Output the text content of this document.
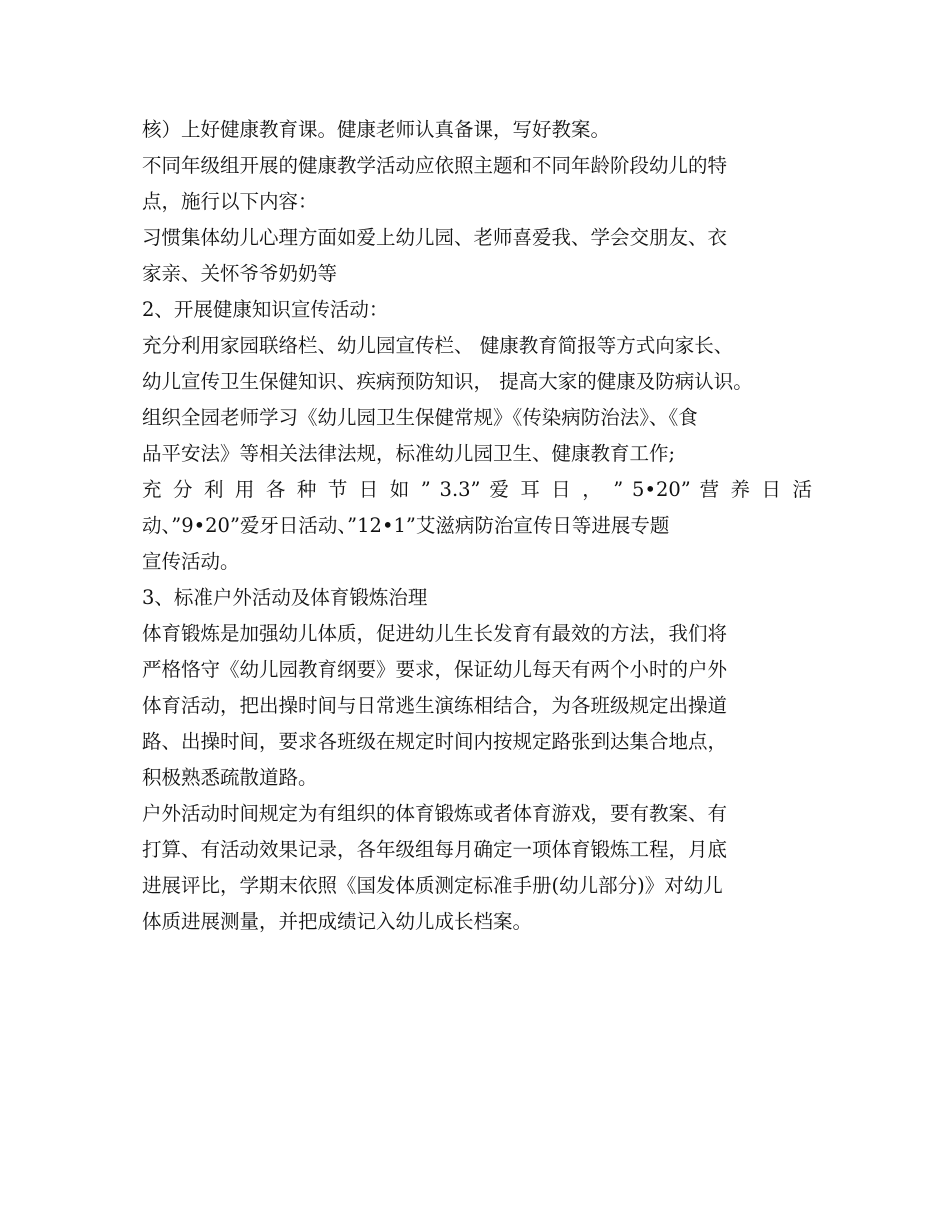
核）上好健康教育课。健康老师认真备课，写好教案。
不同年级组开展的健康教学活动应依照主题和不同年龄阶段幼儿的特
点，施行以下内容：
习惯集体幼儿心理方面如爱上幼儿园、老师喜爱我、学会交朋友、衣
家亲、关怀爷爷奶奶等
2、开展健康知识宣传活动：
充分利用家园联络栏、幼儿园宣传栏、 健康教育简报等方式向家长、
幼儿宣传卫生保健知识、疾病预防知识， 提高大家的健康及防病认识。
组织全园老师学习《幼儿园卫生保健常规》《传染病防治法》、《食
品平安法》等相关法律法规，标准幼儿园卫生、健康教育工作;
充 分 利 用 各 种 节 日 如 ” 3.3” 爱 耳 日 ， ” 5•20” 营 养 日 活
动、”9•20”爱牙日活动、”12•1”艾滋病防治宣传日等进展专题
宣传活动。
3、标准户外活动及体育锻炼治理
体育锻炼是加强幼儿体质，促进幼儿生长发育有最效的方法，我们将
严格恪守《幼儿园教育纲要》要求，保证幼儿每天有两个小时的户外
体育活动，把出操时间与日常逃生演练相结合，为各班级规定出操道
路、出操时间，要求各班级在规定时间内按规定路张到达集合地点，
积极熟悉疏散道路。
户外活动时间规定为有组织的体育锻炼或者体育游戏，要有教案、有
打算、有活动效果记录，各年级组每月确定一项体育锻炼工程，月底
进展评比，学期末依照《国发体质测定标准手册(幼儿部分)》对幼儿
体质进展测量，并把成绩记入幼儿成长档案。
